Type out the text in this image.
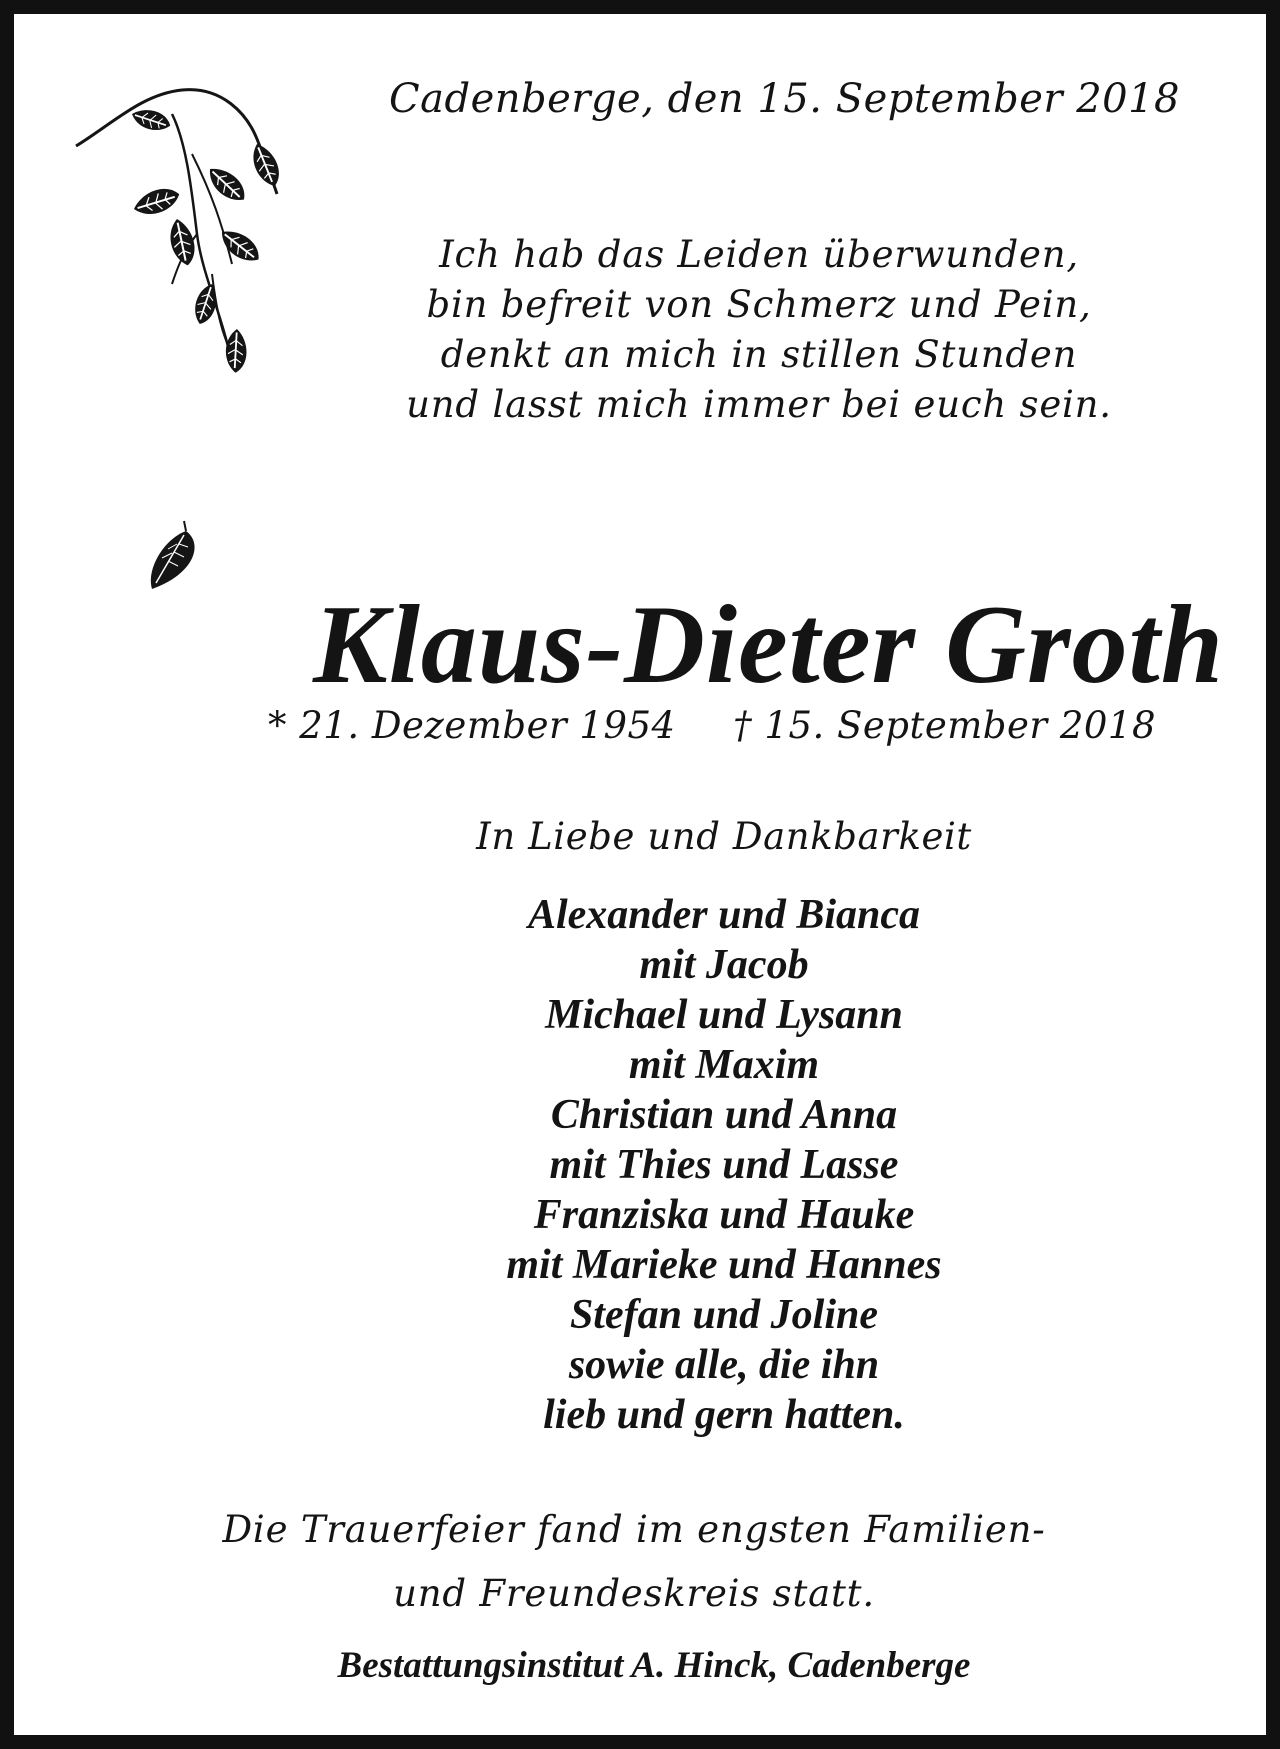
Cadenberge, den 15. September 2018
Ich hab das Leiden überwunden,
bin befreit von Schmerz und Pein,
denkt an mich in stillen Stunden
und lasst mich immer bei euch sein.
Klaus-Dieter Groth
* 21. Dezember 1954 † 15. September 2018
In Liebe und Dankbarkeit
Alexander und Bianca
mit Jacob
Michael und Lysann
mit Maxim
Christian und Anna
mit Thies und Lasse
Franziska und Hauke
mit Marieke und Hannes
Stefan und Joline
sowie alle, die ihn
lieb und gern hatten.
Die Trauerfeier fand im engsten Familien-
und Freundeskreis statt.
Bestattungsinstitut A. Hinck, Cadenberge
